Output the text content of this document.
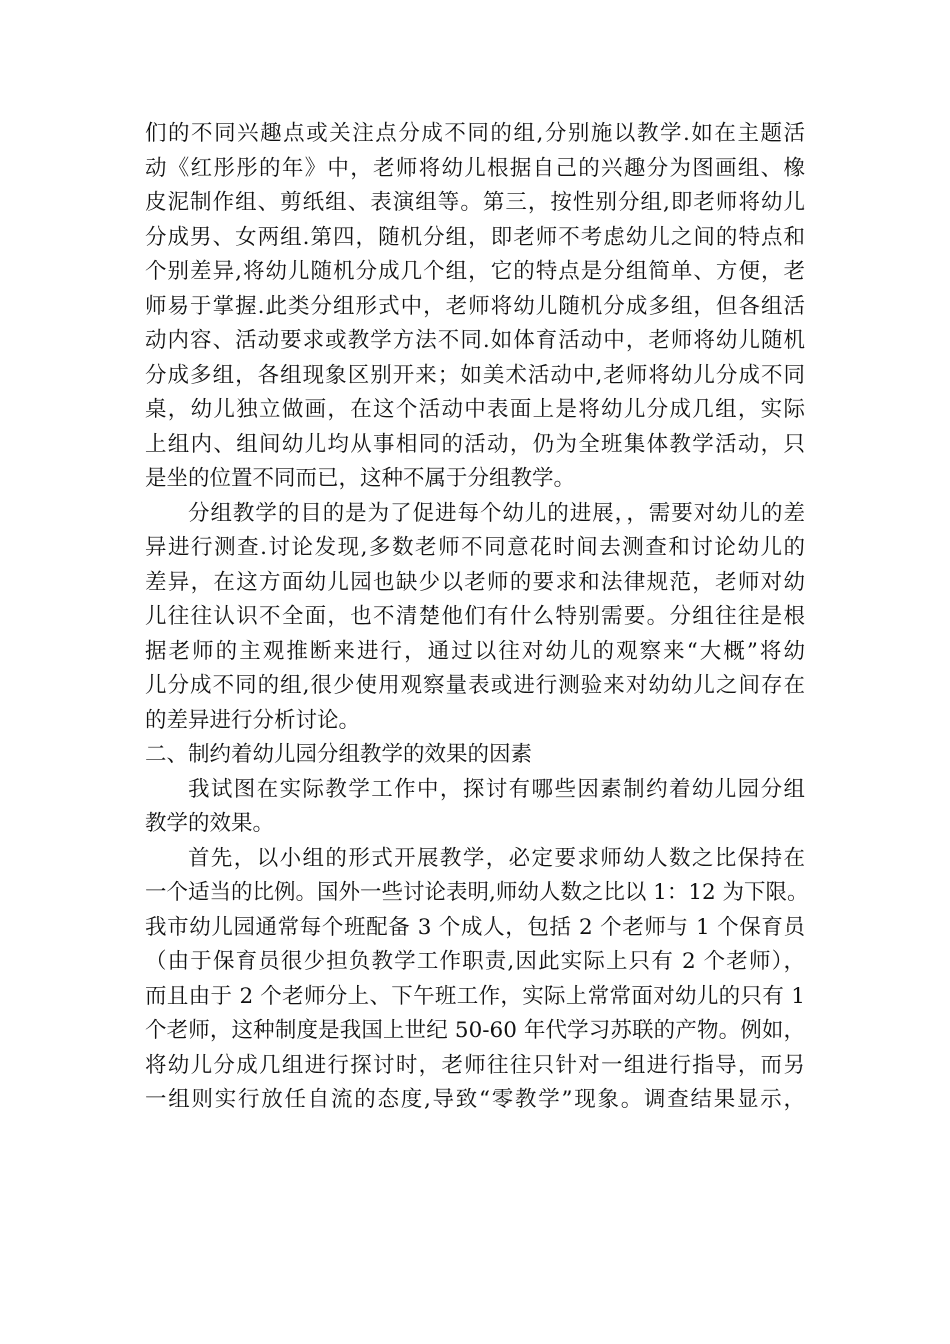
们的不同兴趣点或关注点分成不同的组,分别施以教学.如在主题活
动《红彤彤的年》中，老师将幼儿根据自己的兴趣分为图画组、橡
皮泥制作组、剪纸组、表演组等。第三，按性别分组,即老师将幼儿
分成男、女两组.第四，随机分组，即老师不考虑幼儿之间的特点和
个别差异,将幼儿随机分成几个组，它的特点是分组简单、方便，老
师易于掌握.此类分组形式中，老师将幼儿随机分成多组，但各组活
动内容、活动要求或教学方法不同.如体育活动中，老师将幼儿随机
分成多组，各组现象区别开来；如美术活动中,老师将幼儿分成不同
桌，幼儿独立做画，在这个活动中表面上是将幼儿分成几组，实际
上组内、组间幼儿均从事相同的活动，仍为全班集体教学活动，只
是坐的位置不同而已，这种不属于分组教学。
分组教学的目的是为了促进每个幼儿的进展，，需要对幼儿的差
异进行测查.讨论发现,多数老师不同意花时间去测查和讨论幼儿的
差异，在这方面幼儿园也缺少以老师的要求和法律规范，老师对幼
儿往往认识不全面，也不清楚他们有什么特别需要。分组往往是根
据老师的主观推断来进行，通过以往对幼儿的观察来“大概”将幼
儿分成不同的组,很少使用观察量表或进行测验来对幼幼儿之间存在
的差异进行分析讨论。
二、制约着幼儿园分组教学的效果的因素
我试图在实际教学工作中，探讨有哪些因素制约着幼儿园分组
教学的效果。
首先，以小组的形式开展教学，必定要求师幼人数之比保持在
一个适当的比例。国外一些讨论表明,师幼人数之比以 1：12 为下限。
我市幼儿园通常每个班配备 3 个成人，包括 2 个老师与 1 个保育员
（由于保育员很少担负教学工作职责,因此实际上只有 2 个老师），
而且由于 2 个老师分上、下午班工作，实际上常常面对幼儿的只有 1
个老师，这种制度是我国上世纪 50-60 年代学习苏联的产物。例如，
将幼儿分成几组进行探讨时，老师往往只针对一组进行指导，而另
一组则实行放任自流的态度,导致“零教学”现象。调查结果显示，
